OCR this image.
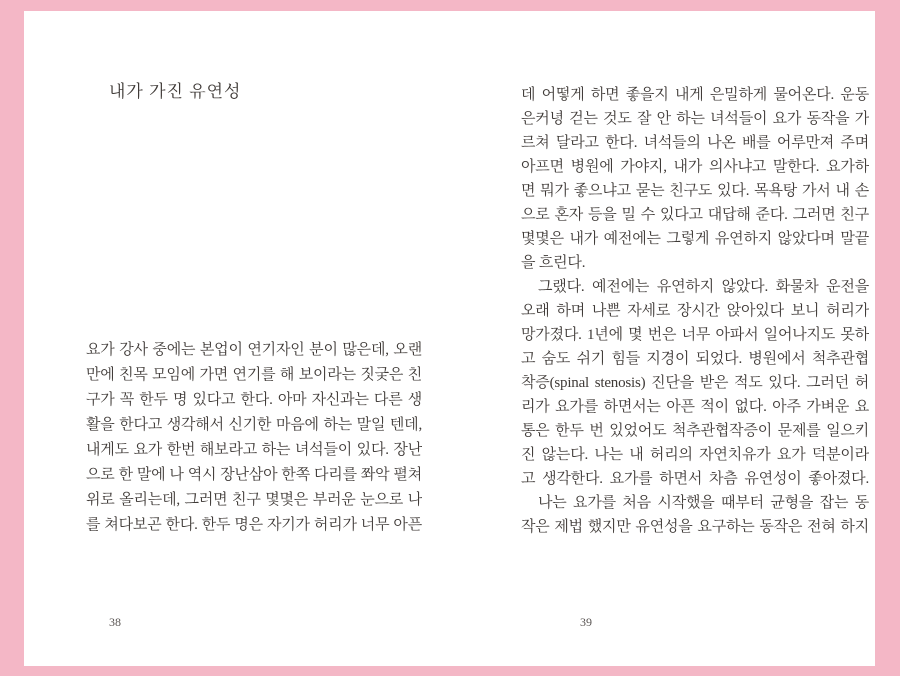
내가 가진 유연성
요가 강사 중에는 본업이 연기자인 분이 많은데, 오랜
만에 친목 모임에 가면 연기를 해 보이라는 짓궂은 친
구가 꼭 한두 명 있다고 한다. 아마 자신과는 다른 생
활을 한다고 생각해서 신기한 마음에 하는 말일 텐데,
내게도 요가 한번 해보라고 하는 녀석들이 있다. 장난
으로 한 말에 나 역시 장난삼아 한쪽 다리를 쫘악 펼쳐
위로 올리는데, 그러면 친구 몇몇은 부러운 눈으로 나
를 쳐다보곤 한다. 한두 명은 자기가 허리가 너무 아픈
38
데 어떻게 하면 좋을지 내게 은밀하게 물어온다. 운동
은커녕 걷는 것도 잘 안 하는 녀석들이 요가 동작을 가
르쳐 달라고 한다. 녀석들의 나온 배를 어루만져 주며
아프면 병원에 가야지, 내가 의사냐고 말한다. 요가하
면 뭐가 좋으냐고 묻는 친구도 있다. 목욕탕 가서 내 손
으로 혼자 등을 밀 수 있다고 대답해 준다. 그러면 친구
몇몇은 내가 예전에는 그렇게 유연하지 않았다며 말끝
을 흐린다.
그랬다. 예전에는 유연하지 않았다. 화물차 운전을
오래 하며 나쁜 자세로 장시간 앉아있다 보니 허리가
망가졌다. 1년에 몇 번은 너무 아파서 일어나지도 못하
고 숨도 쉬기 힘들 지경이 되었다. 병원에서 척추관협
착증(spinal stenosis) 진단을 받은 적도 있다. 그러던 허
리가 요가를 하면서는 아픈 적이 없다. 아주 가벼운 요
통은 한두 번 있었어도 척추관협작증이 문제를 일으키
진 않는다. 나는 내 허리의 자연치유가 요가 덕분이라
고 생각한다. 요가를 하면서 차츰 유연성이 좋아졌다.
나는 요가를 처음 시작했을 때부터 균형을 잡는 동
작은 제법 했지만 유연성을 요구하는 동작은 전혀 하지
39
